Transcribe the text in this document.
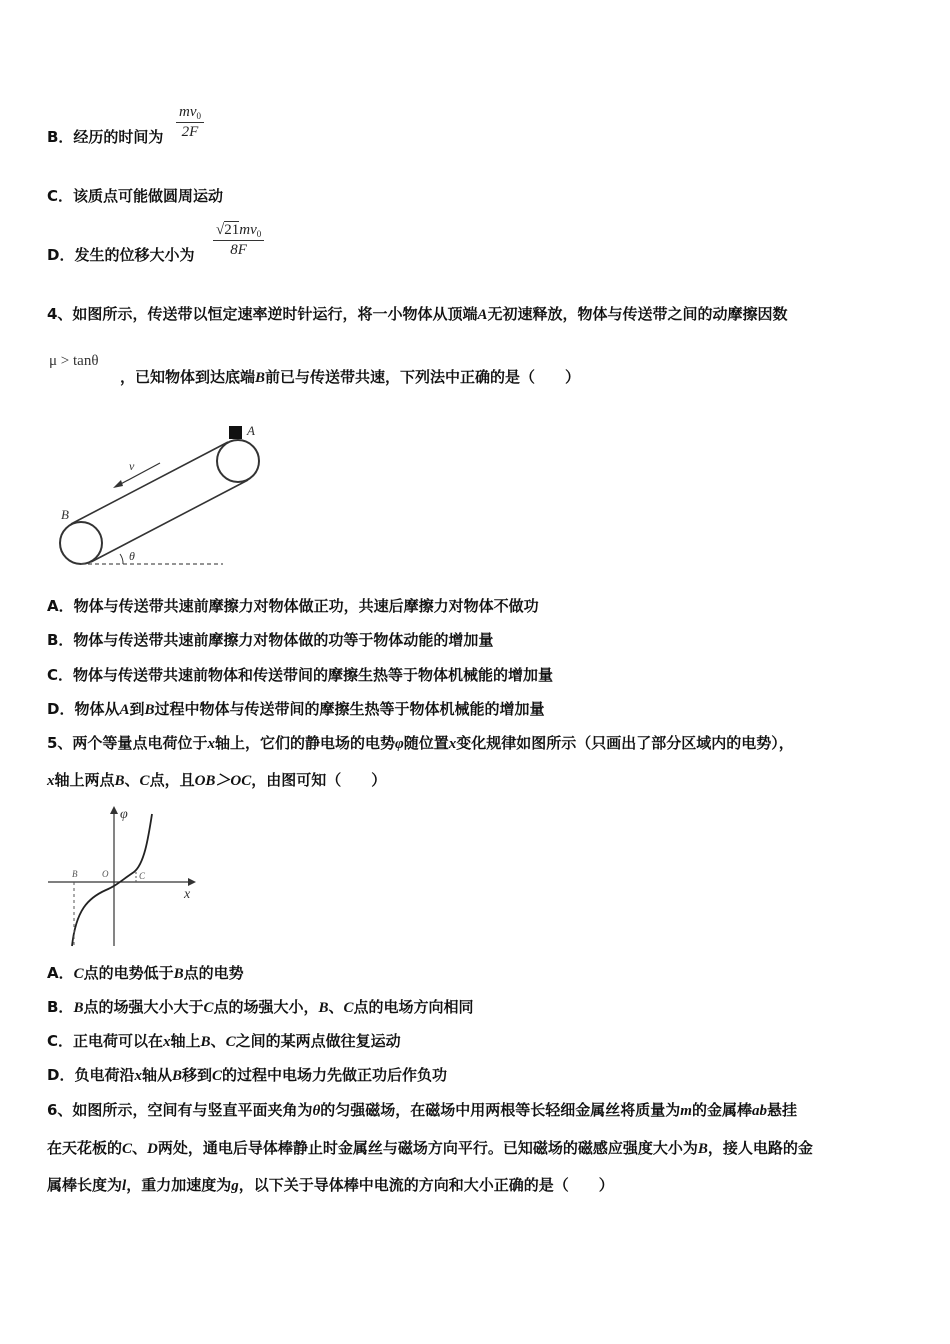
B．经历的时间为 $\frac{mv_0}{2F}$
C．该质点可能做圆周运动
D．发生的位移大小为 $\frac{√21mv_0}{8F}$
4、如图所示，传送带以恒定速率逆时针运行，将一小物体从顶端A无初速释放，物体与传送带之间的动摩擦因数
μ > tanθ
，已知物体到达底端B前已与传送带共速，下列法中正确的是（　　）
A
B
v
θ
A．物体与传送带共速前摩擦力对物体做正功，共速后摩擦力对物体不做功
B．物体与传送带共速前摩擦力对物体做的功等于物体动能的增加量
C．物体与传送带共速前物体和传送带间的摩擦生热等于物体机械能的增加量
D．物体从A到B过程中物体与传送带间的摩擦生热等于物体机械能的增加量
5、两个等量点电荷位于x轴上，它们的静电场的电势φ随位置x变化规律如图所示（只画出了部分区域内的电势），
x轴上两点B、C点，且OB＞OC，由图可知（　　）
φ
x
B	O	C
A．C点的电势低于B点的电势
B．B点的场强大小大于C点的场强大小，B、C点的电场方向相同
C．正电荷可以在x轴上B、C之间的某两点做往复运动
D．负电荷沿x轴从B移到C的过程中电场力先做正功后作负功
6、如图所示，空间有与竖直平面夹角为θ的匀强磁场，在磁场中用两根等长轻细金属丝将质量为m的金属棒ab悬挂
在天花板的C、D两处，通电后导体棒静止时金属丝与磁场方向平行。已知磁场的磁感应强度大小为B，接人电路的金
属棒长度为l，重力加速度为g，以下关于导体棒中电流的方向和大小正确的是（　　）
